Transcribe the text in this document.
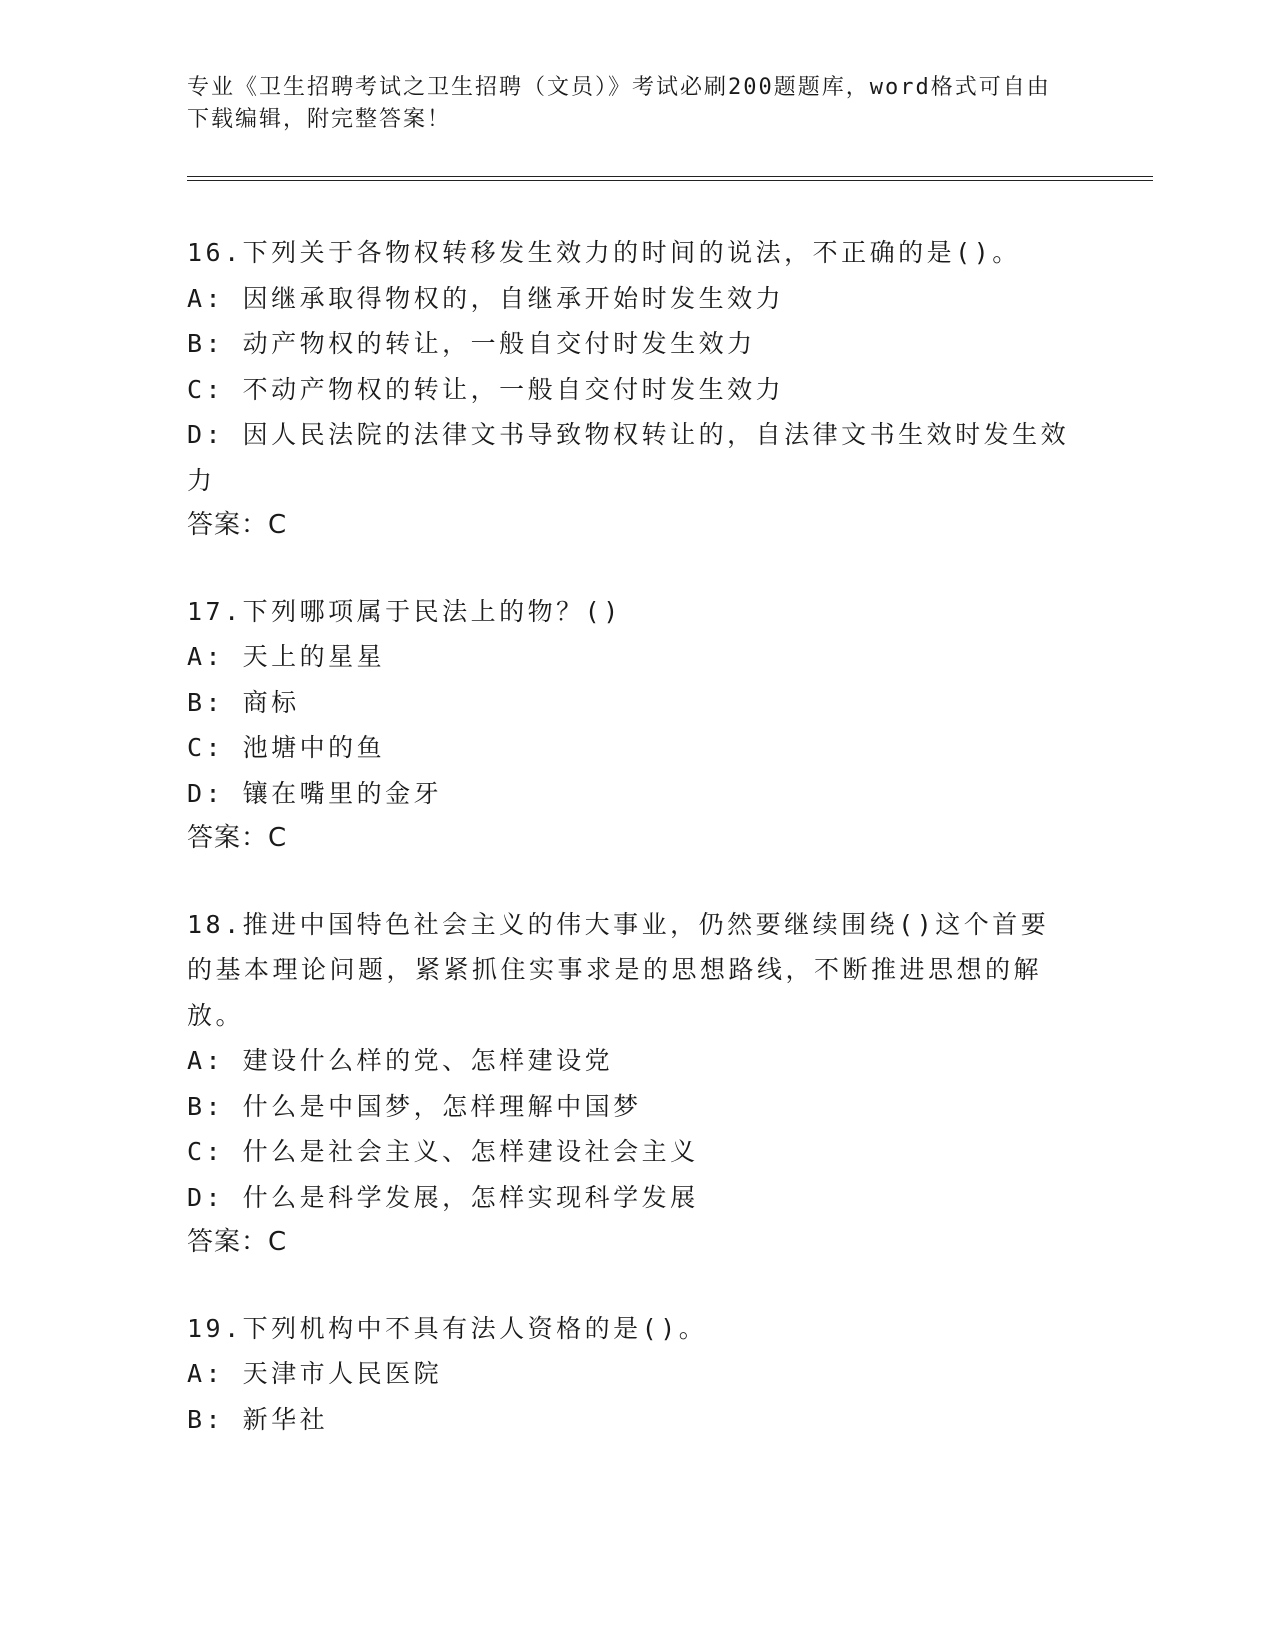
专业《卫生招聘考试之卫生招聘（文员）》考试必刷200题题库，word格式可自由下载编辑，附完整答案！

16.下列关于各物权转移发生效力的时间的说法，不正确的是()。

A: 因继承取得物权的，自继承开始时发生效力

B: 动产物权的转让，一般自交付时发生效力

C: 不动产物权的转让，一般自交付时发生效力

D: 因人民法院的法律文书导致物权转让的，自法律文书生效时发生效力

答案：C

17.下列哪项属于民法上的物？()

A: 天上的星星

B: 商标

C: 池塘中的鱼

D: 镶在嘴里的金牙

答案：C

18.推进中国特色社会主义的伟大事业，仍然要继续围绕()这个首要的基本理论问题，紧紧抓住实事求是的思想路线，不断推进思想的解放。

A: 建设什么样的党、怎样建设党

B: 什么是中国梦，怎样理解中国梦

C: 什么是社会主义、怎样建设社会主义

D: 什么是科学发展，怎样实现科学发展

答案：C

19.下列机构中不具有法人资格的是()。

A: 天津市人民医院

B: 新华社
